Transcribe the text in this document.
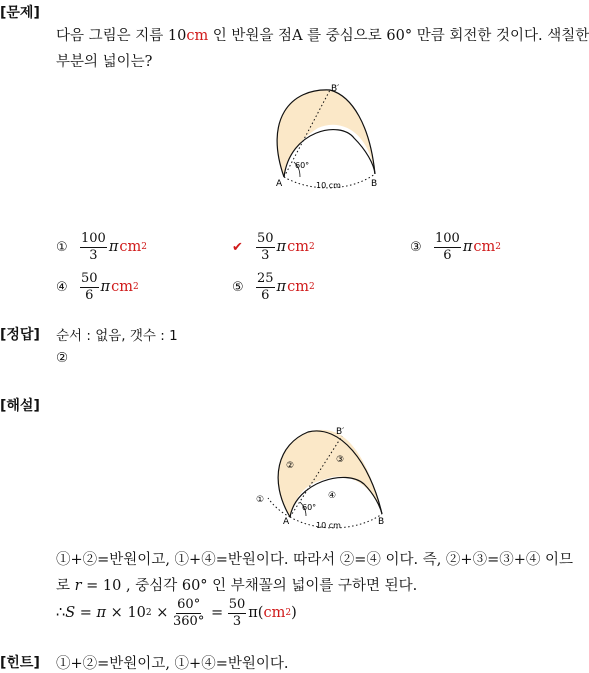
[문제]
다음 그림은 지름 10cm 인 반원을 점A 를 중심으로 60° 만큼 회전한 것이다. 색칠한
부분의 넓이는?
A	B
B′
60°
10 cm
① $\frac{100}{3}$ π cm 2	✔	$\frac{50}{3}$ π cm 2	③ $\frac{100}{6}$ π cm 2
④ $\frac{50}{6}$ π cm 2	⑤ $\frac{25}{6}$ π cm 2
[정답] 순서 : 없음, 갯수 : 1
②
[해설]
A	B
B′
60°
10 cm
①
②
③
④
①+②=반원이고, ①+④=반원이다. 따라서 ②=④ 이다. 즉, ②+③=③+④ 이므
로 r = 10 , 중심각 60° 인 부채꼴의 넓이를 구하면 된다.
∴ S = π × 10 $2 \times \frac{60^\circ}{360^\circ} = \frac{50}{3} \pi$( cm 2 )
[힌트] ①+②=반원이고, ①+④=반원이다.
